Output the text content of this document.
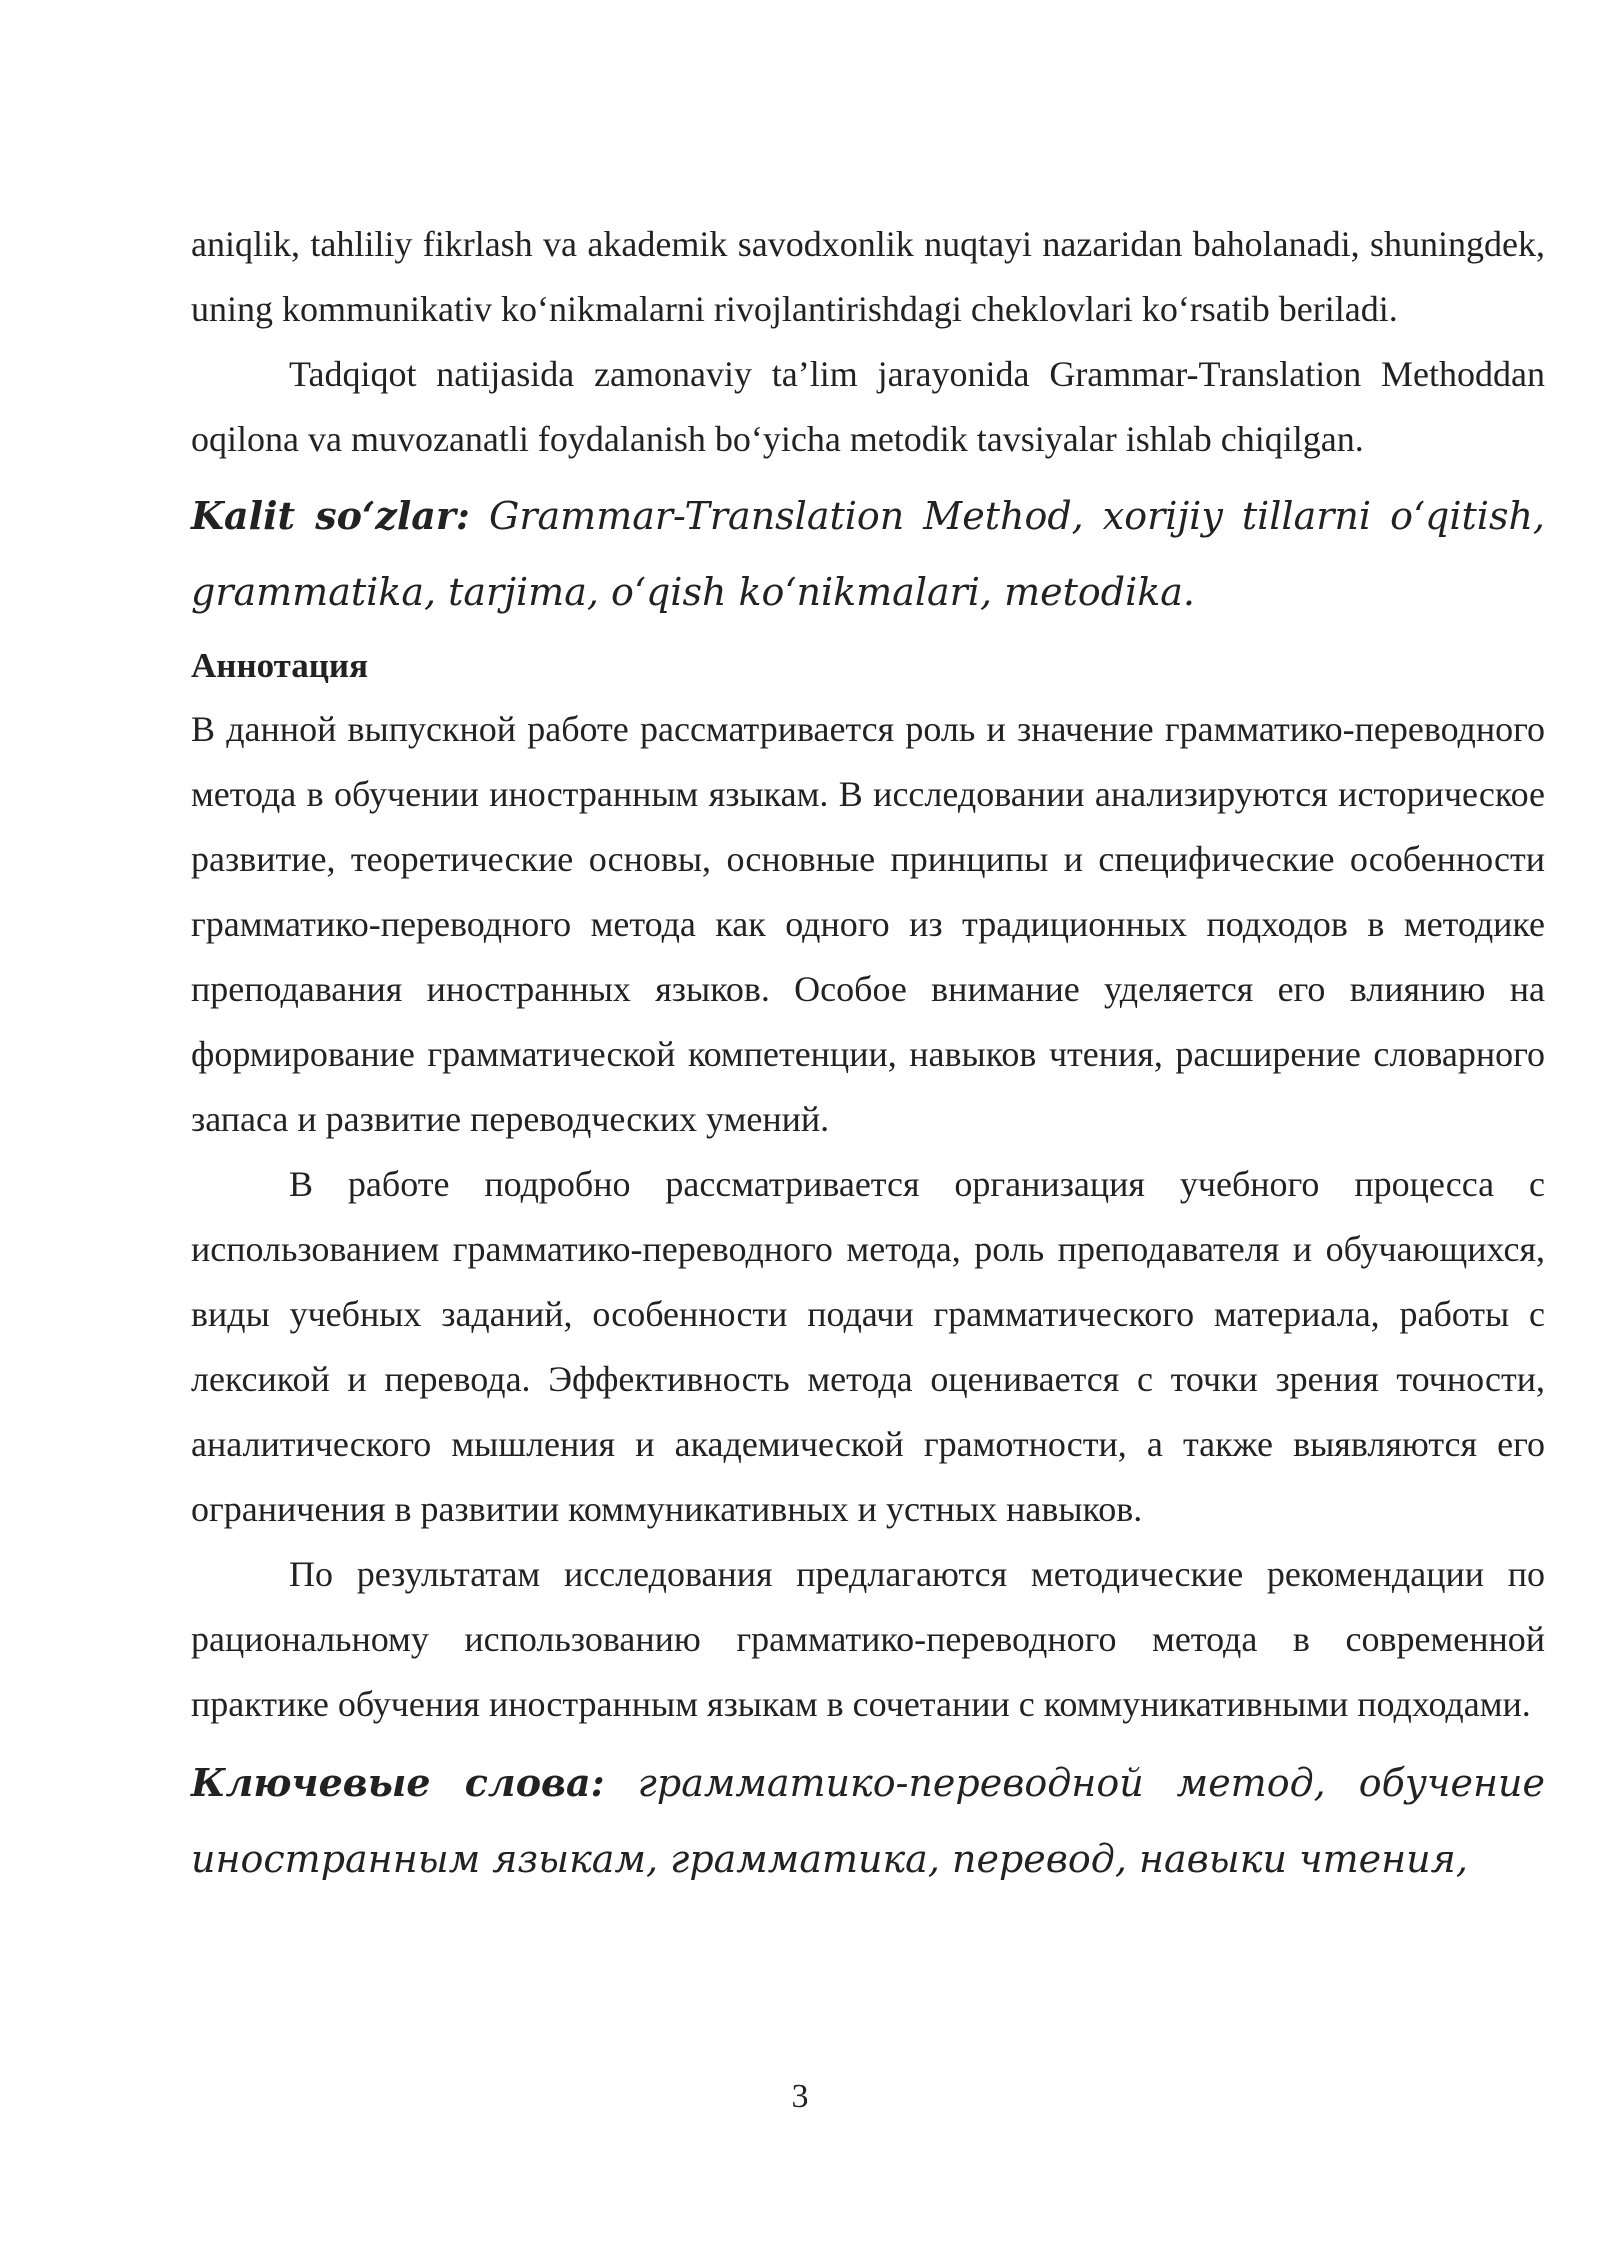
aniqlik, tahliliy fikrlash va akademik savodxonlik nuqtayi nazaridan baholanadi, shuningdek, uning kommunikativ ko‘nikmalarni rivojlantirishdagi cheklovlari ko‘rsatib beriladi.

Tadqiqot natijasida zamonaviy ta’lim jarayonida Grammar-Translation Methoddan oqilona va muvozanatli foydalanish bo‘yicha metodik tavsiyalar ishlab chiqilgan.

Kalit so‘zlar: Grammar-Translation Method, xorijiy tillarni o‘qitish, grammatika, tarjima, o‘qish ko‘nikmalari, metodika.

Аннотация

В данной выпускной работе рассматривается роль и значение грамматико-переводного метода в обучении иностранным языкам. В исследовании анализируются историческое развитие, теоретические основы, основные принципы и специфические особенности грамматико-переводного метода как одного из традиционных подходов в методике преподавания иностранных языков. Особое внимание уделяется его влиянию на формирование грамматической компетенции, навыков чтения, расширение словарного запаса и развитие переводческих умений.

В работе подробно рассматривается организация учебного процесса с использованием грамматико-переводного метода, роль преподавателя и обучающихся, виды учебных заданий, особенности подачи грамматического материала, работы с лексикой и перевода. Эффективность метода оценивается с точки зрения точности, аналитического мышления и академической грамотности, а также выявляются его ограничения в развитии коммуникативных и устных навыков.

По результатам исследования предлагаются методические рекомендации по рациональному использованию грамматико-переводного метода в современной практике обучения иностранным языкам в сочетании с коммуникативными подходами.

Ключевые слова: грамматико-переводной метод, обучение иностранным языкам, грамматика, перевод, навыки чтения,

3
